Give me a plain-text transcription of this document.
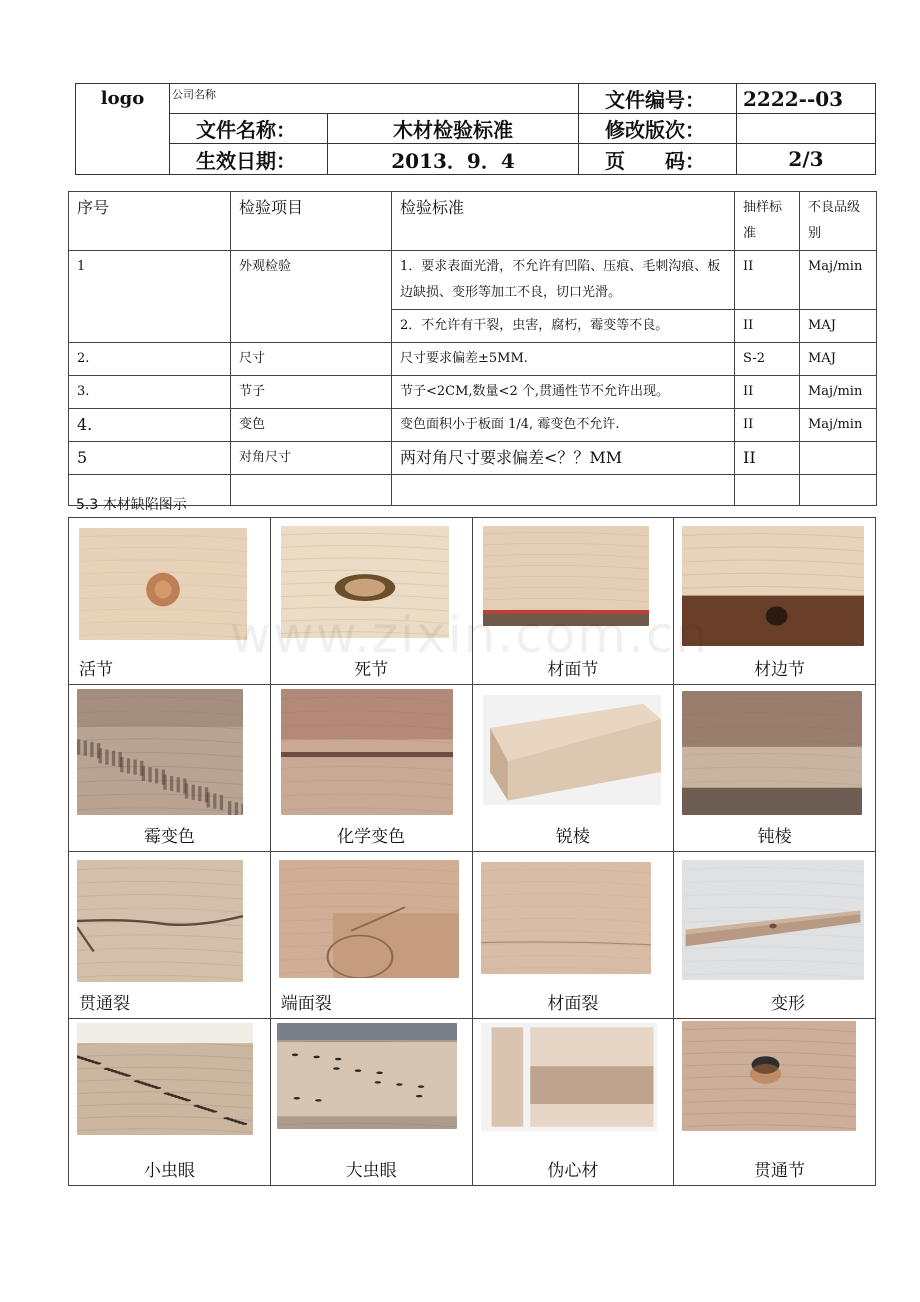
logo	公司名称		文件编号：	2222--03
	文件名称：	木材检验标准	修改版次：	
	生效日期：	2013．9．4	页　　码：	2/3
序号	检验项目	检验标准	抽样标准	不良品级别
1	外观检验	1．要求表面光滑，不允许有凹陷、压痕、毛刺沟痕、板边缺损、变形等加工不良，切口光滑。	II	Maj/min
		2．不允许有干裂，虫害，腐朽，霉变等不良。	II	MAJ
2.	尺寸	尺寸要求偏差±5MM.	S-2	MAJ
3.	节子	节子<2CM,数量<2 个,贯通性节不允许出现。	II	Maj/min
4.	变色	变色面积小于板面 1/4, 霉变色不允许.	II	Maj/min
5	对角尺寸	两对角尺寸要求偏差<？？MM	II	

5.3 木材缺陷图示
活节	死节	材面节	材边节

霉变色	化学变色	锐棱	钝棱

贯通裂	端面裂	材面裂	变形

小虫眼	大虫眼	伪心材	贯通节
www.zixin.com.cn
